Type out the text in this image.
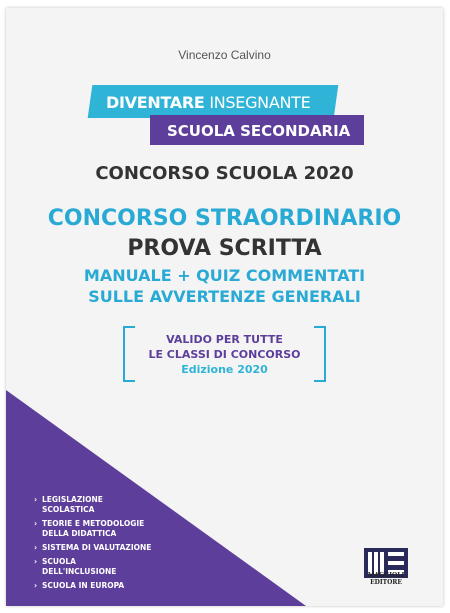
Vincenzo Calvino
DIVENTARE INSEGNANTE
SCUOLA SECONDARIA
CONCORSO SCUOLA 2020
CONCORSO STRAORDINARIO
PROVA SCRITTA
MANUALE + QUIZ COMMENTATI
SULLE AVVERTENZE GENERALI
VALIDO PER TUTTE
LE CLASSI DI CONCORSO
Edizione 2020
› LEGISLAZIONE SCOLASTICA
› TEORIE E METODOLOGIE DELLA DIDATTICA
› SISTEMA DI VALUTAZIONE
› SCUOLA DELL'INCLUSIONE
› SCUOLA IN EUROPA
MAGGIOLI
EDITORE
